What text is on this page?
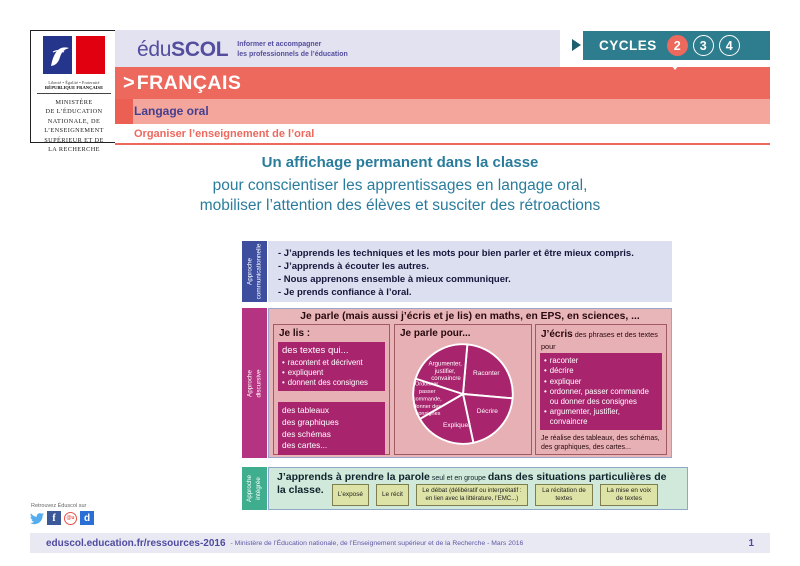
Liberté • Égalité • Fraternité
RÉPUBLIQUE FRANÇAISE
MINISTÈRE
DE L’ÉDUCATION
NATIONALE, DE
L’ENSEIGNEMENT
SUPÉRIEUR ET DE
LA RECHERCHE
éduSCOL Informer et accompagner
les professionnels de l’éducation
CYCLES	2	3	4
> FRANÇAIS
Langage oral
Organiser l’enseignement de l’oral
Un affichage permanent dans la classe
pour conscientiser les apprentissages en langage oral,
mobiliser l’attention des élèves et susciter des rétroactions
Approche communicationnelle - J’apprends les techniques et les mots pour bien parler et être mieux compris.
- J’apprends à écouter les autres.
- Nous apprenons ensemble à mieux communiquer.
- Je prends confiance à l’oral.
Approche discursive
Je parle (mais aussi j’écris et je lis) en maths, en EPS, en sciences, ...
Je lis :
des textes qui...
• racontent et décrivent
• expliquent
• donnent des consignes
des tableaux
des graphiques
des schémas
des cartes...
Je parle pour...
Argumenter, justifier, convaincre
Raconter
Décrire
Expliquer
Ordonner, passer commande, donner des consignes
J’écris des phrases et des textes
pour
• raconter
• décrire
• expliquer
• ordonner, passer commande ou donner des consignes
• argumenter, justifier, convaincre
Je réalise des tableaux, des schémas, des graphiques, des cartes...
Approche intégrée
J’apprends à prendre la parole seul et en groupe dans des situations particulières de
la classe. L’exposé	Le récit
Le débat (délibératif ou interprétatif : en lien avec la littérature, l’EMC...)
La récitation de textes
La mise en voix de textes
Retrouvez Éduscol sur
f	@u d
eduscol.education.fr/ressources-2016 - Ministère de l’Éducation nationale, de l’Enseignement supérieur et de la Recherche - Mars 2016	1
